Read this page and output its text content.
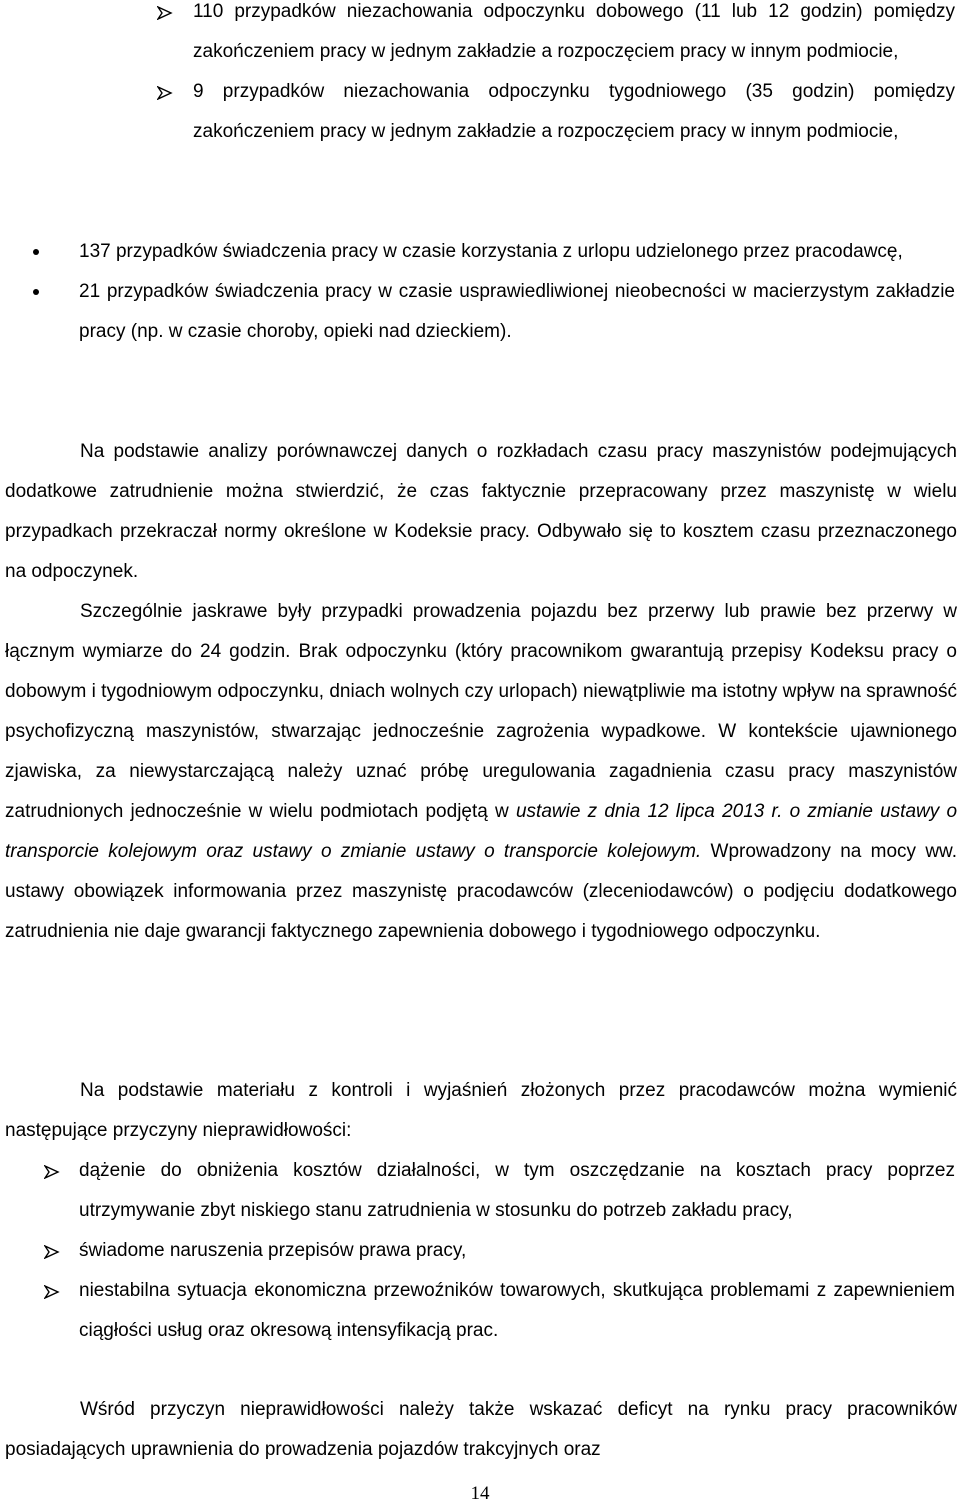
110 przypadków niezachowania odpoczynku dobowego (11 lub 12 godzin) pomiędzy zakończeniem pracy w jednym zakładzie a rozpoczęciem pracy w innym podmiocie,

9 przypadków niezachowania odpoczynku tygodniowego (35 godzin) pomiędzy zakończeniem pracy w jednym zakładzie a rozpoczęciem pracy w innym podmiocie,

137 przypadków świadczenia pracy w czasie korzystania z urlopu udzielonego przez pracodawcę,

21 przypadków świadczenia pracy w czasie usprawiedliwionej nieobecności w macierzystym zakładzie pracy (np. w czasie choroby, opieki nad dzieckiem).

Na podstawie analizy porównawczej danych o rozkładach czasu pracy maszynistów podejmujących dodatkowe zatrudnienie można stwierdzić, że czas faktycznie przepracowany przez maszynistę w wielu przypadkach przekraczał normy określone w Kodeksie pracy. Odbywało się to kosztem czasu przeznaczonego na odpoczynek.

Szczególnie jaskrawe były przypadki prowadzenia pojazdu bez przerwy lub prawie bez przerwy w łącznym wymiarze do 24 godzin. Brak odpoczynku (który pracownikom gwarantują przepisy Kodeksu pracy o dobowym i tygodniowym odpoczynku, dniach wolnych czy urlopach) niewątpliwie ma istotny wpływ na sprawność psychofizyczną maszynistów, stwarzając jednocześnie zagrożenia wypadkowe. W kontekście ujawnionego zjawiska, za niewystarczającą należy uznać próbę uregulowania zagadnienia czasu pracy maszynistów zatrudnionych jednocześnie w wielu podmiotach podjętą w ustawie z dnia 12 lipca 2013 r. o zmianie ustawy o transporcie kolejowym oraz ustawy o zmianie ustawy o transporcie kolejowym. Wprowadzony na mocy ww. ustawy obowiązek informowania przez maszynistę pracodawców (zleceniodawców) o podjęciu dodatkowego zatrudnienia nie daje gwarancji faktycznego zapewnienia dobowego i tygodniowego odpoczynku.

Na podstawie materiału z kontroli i wyjaśnień złożonych przez pracodawców można wymienić następujące przyczyny nieprawidłowości:

dążenie do obniżenia kosztów działalności, w tym oszczędzanie na kosztach pracy poprzez utrzymywanie zbyt niskiego stanu zatrudnienia w stosunku do potrzeb zakładu pracy,

świadome naruszenia przepisów prawa pracy,

niestabilna sytuacja ekonomiczna przewoźników towarowych, skutkująca problemami z zapewnieniem ciągłości usług oraz okresową intensyfikacją prac.

Wśród przyczyn nieprawidłowości należy także wskazać deficyt na rynku pracy pracowników posiadających uprawnienia do prowadzenia pojazdów trakcyjnych oraz

14
